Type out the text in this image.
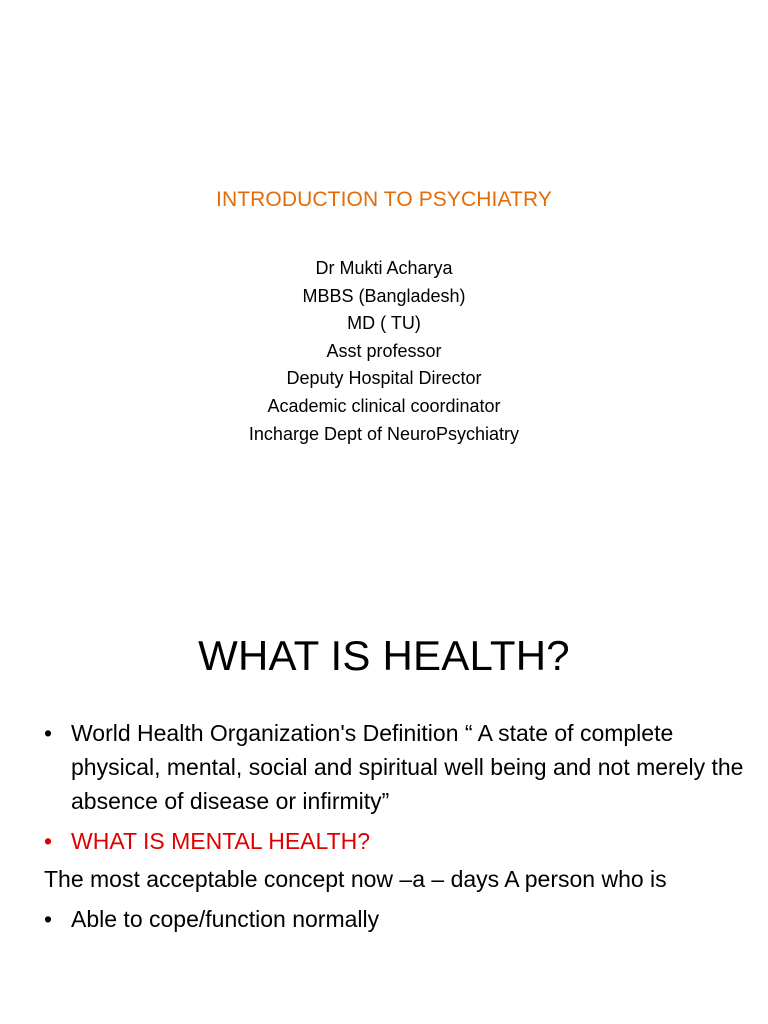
INTRODUCTION TO PSYCHIATRY
Dr Mukti Acharya
MBBS (Bangladesh)
MD ( TU)
Asst professor
Deputy Hospital Director
Academic clinical coordinator
Incharge Dept of NeuroPsychiatry
WHAT IS HEALTH?
• World Health Organization's Definition “ A state of complete physical, mental, social and spiritual well being and not merely the absence of disease or infirmity”
• WHAT IS MENTAL HEALTH?
The most acceptable concept now –a – days A person who is
• Able to cope/function normally
